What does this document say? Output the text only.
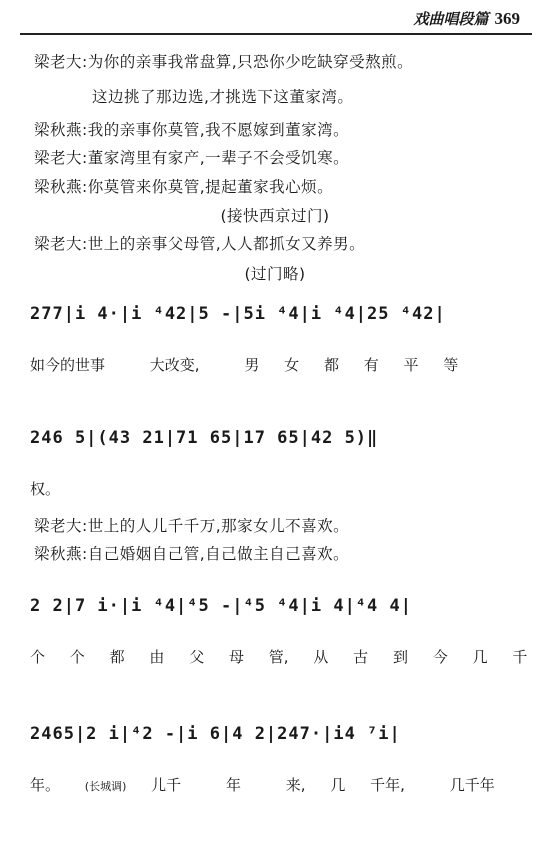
戏曲唱段篇 369
梁老大:为你的亲事我常盘算,只恐你少吃缺穿受熬煎。
这边挑了那边选,才挑选下这董家湾。
梁秋燕:我的亲事你莫管,我不愿嫁到董家湾。
梁老大:董家湾里有家产,一辈子不会受饥寒。
梁秋燕:你莫管来你莫管,提起董家我心烦。
(接快西京过门)
梁老大:世上的亲事父母管,人人都抓女又养男。
(过门略)
277|i 4·|i ⁴42|5 -|5i ⁴4|i ⁴4|25 ⁴42|
如今的世事	大改变,	男 女 都 有 平 等
246 5|(43 21|71 65|17 65|42 5)‖
权。
梁老大:世上的人儿千千万,那家女儿不喜欢。
梁秋燕:自己婚姻自己管,自己做主自己喜欢。
2 2|7 i·|i ⁴4|⁴5 -|⁴5 ⁴4|i 4|⁴4 4|
个 个 都 由 父 母 管, 从 古 到 今 几 千
2465|2 i|⁴2 -|i 6|4 2|247·|i4 ⁷i|
年。 (长城调) 儿千	年	来, 几 千年,	几千年
